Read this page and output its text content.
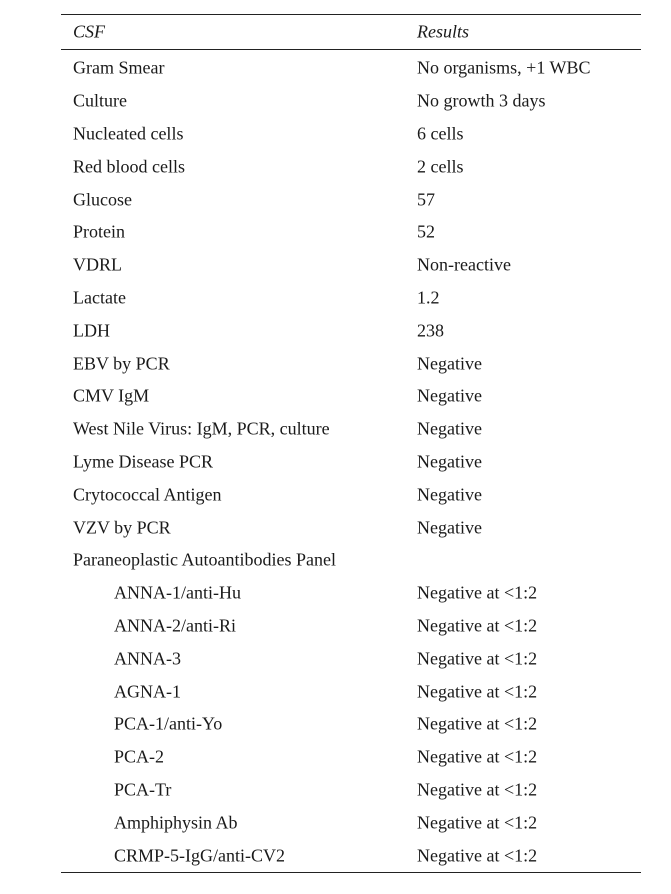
CSF	Results
Gram Smear	No organisms, +1 WBC
Culture	No growth 3 days
Nucleated cells	6 cells
Red blood cells	2 cells
Glucose	57
Protein	52
VDRL	Non-reactive
Lactate	1.2
LDH	238
EBV by PCR	Negative
CMV IgM	Negative
West Nile Virus: IgM, PCR, culture	Negative
Lyme Disease PCR	Negative
Crytococcal Antigen	Negative
VZV by PCR	Negative
Paraneoplastic Autoantibodies Panel
ANNA-1/anti-Hu	Negative at <1:2
ANNA-2/anti-Ri	Negative at <1:2
ANNA-3	Negative at <1:2
AGNA-1	Negative at <1:2
PCA-1/anti-Yo	Negative at <1:2
PCA-2	Negative at <1:2
PCA-Tr	Negative at <1:2
Amphiphysin Ab	Negative at <1:2
CRMP-5-IgG/anti-CV2	Negative at <1:2
